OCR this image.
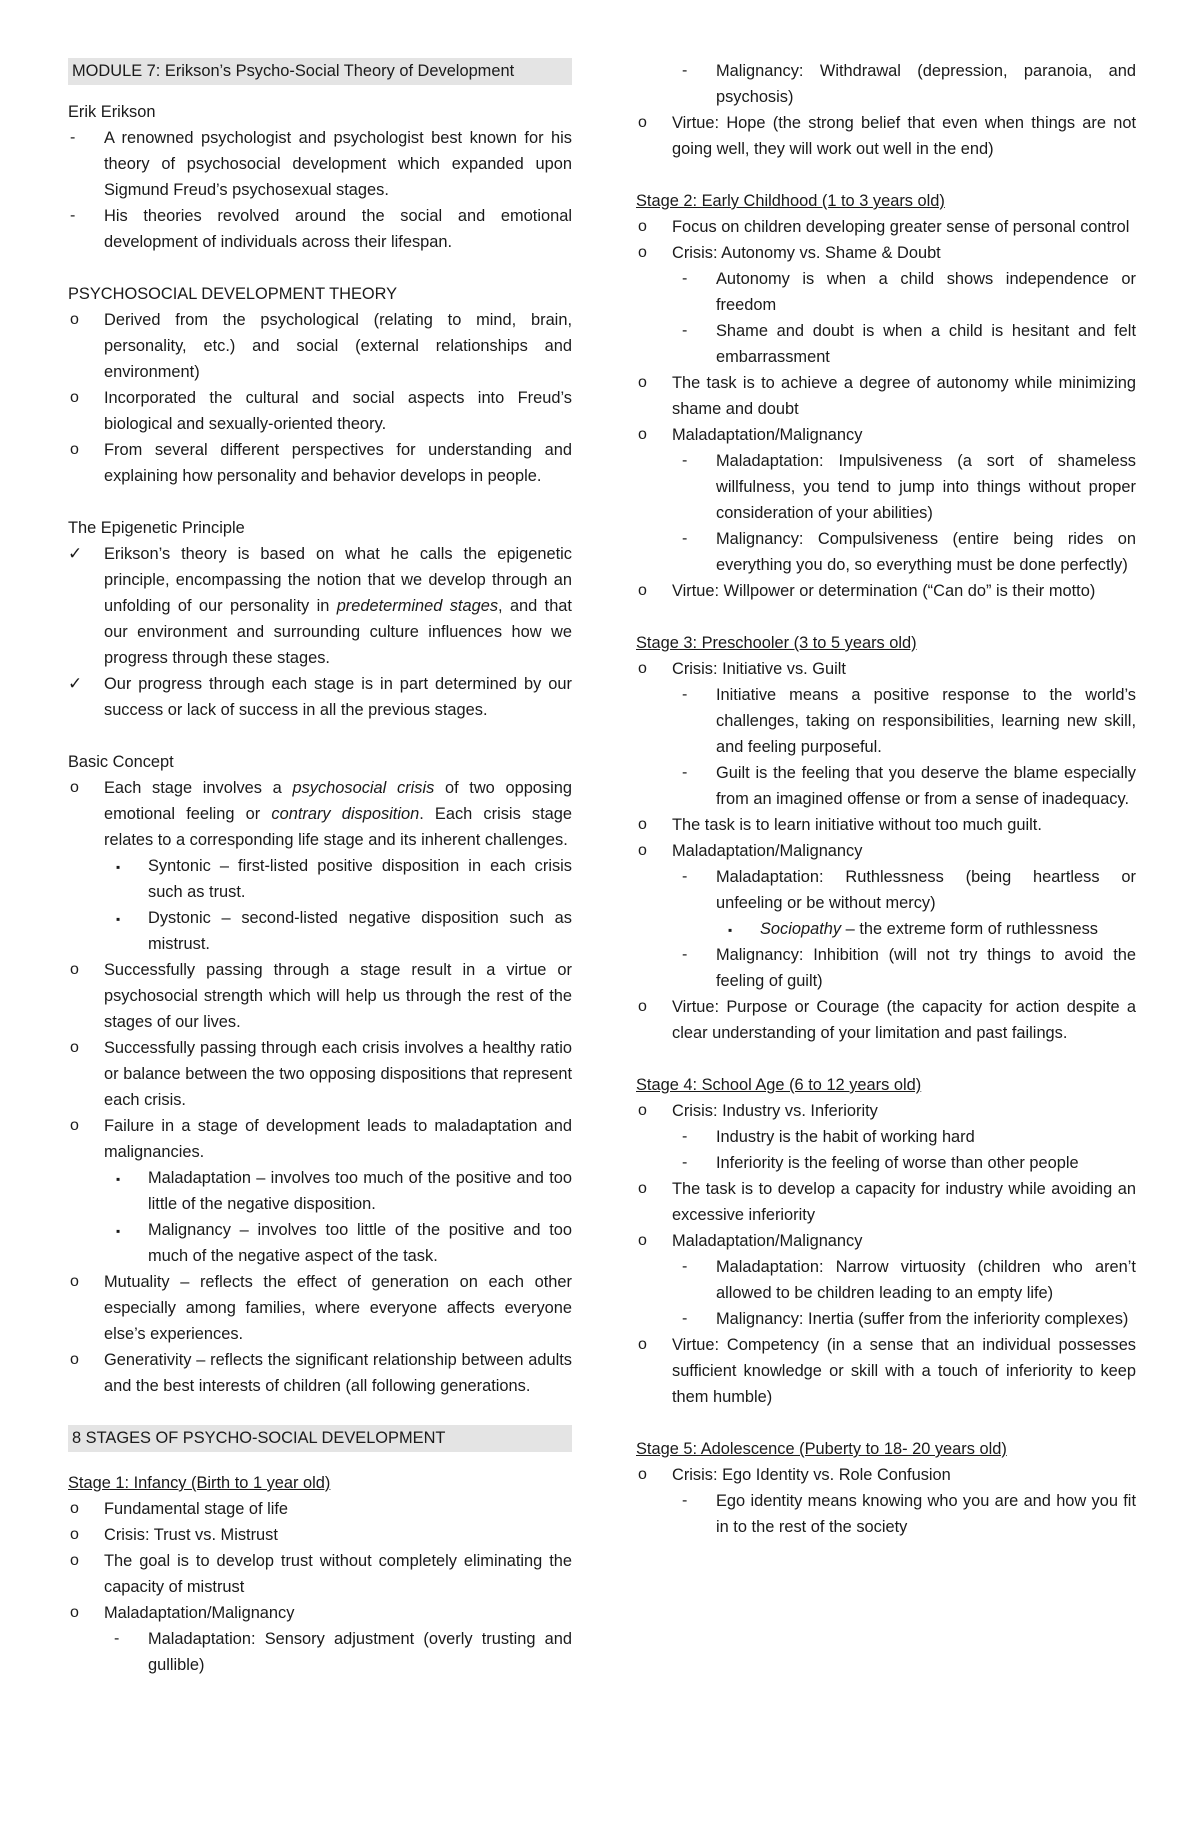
MODULE 7: Erikson’s Psycho-Social Theory of Development

Erik Erikson

- A renowned psychologist and psychologist best known for his theory of psychosocial development which expanded upon Sigmund Freud’s psychosexual stages.

- His theories revolved around the social and emotional development of individuals across their lifespan.

PSYCHOSOCIAL DEVELOPMENT THEORY

o Derived from the psychological (relating to mind, brain, personality, etc.) and social (external relationships and environment)

o Incorporated the cultural and social aspects into Freud’s biological and sexually-oriented theory.

o From several different perspectives for understanding and explaining how personality and behavior develops in people.

The Epigenetic Principle

✓ Erikson’s theory is based on what he calls the epigenetic principle, encompassing the notion that we develop through an unfolding of our personality in predetermined stages, and that our environment and surrounding culture influences how we progress through these stages.

✓ Our progress through each stage is in part determined by our success or lack of success in all the previous stages.

Basic Concept

o Each stage involves a psychosocial crisis of two opposing emotional feeling or contrary disposition. Each crisis stage relates to a corresponding life stage and its inherent challenges.

▪ Syntonic – first-listed positive disposition in each crisis such as trust.

▪ Dystonic – second-listed negative disposition such as mistrust.

o Successfully passing through a stage result in a virtue or psychosocial strength which will help us through the rest of the stages of our lives.

o Successfully passing through each crisis involves a healthy ratio or balance between the two opposing dispositions that represent each crisis.

o Failure in a stage of development leads to maladaptation and malignancies.

▪ Maladaptation – involves too much of the positive and too little of the negative disposition.

▪ Malignancy – involves too little of the positive and too much of the negative aspect of the task.

o Mutuality – reflects the effect of generation on each other especially among families, where everyone affects everyone else’s experiences.

o Generativity – reflects the significant relationship between adults and the best interests of children (all following generations.

8 STAGES OF PSYCHO-SOCIAL DEVELOPMENT

Stage 1: Infancy (Birth to 1 year old)

o Fundamental stage of life

o Crisis: Trust vs. Mistrust

o The goal is to develop trust without completely eliminating the capacity of mistrust

o Maladaptation/Malignancy

- Maladaptation: Sensory adjustment (overly trusting and gullible)

- Malignancy: Withdrawal (depression, paranoia, and psychosis)

o Virtue: Hope (the strong belief that even when things are not going well, they will work out well in the end)

Stage 2: Early Childhood (1 to 3 years old)

o Focus on children developing greater sense of personal control

o Crisis: Autonomy vs. Shame & Doubt

- Autonomy is when a child shows independence or freedom

- Shame and doubt is when a child is hesitant and felt embarrassment

o The task is to achieve a degree of autonomy while minimizing shame and doubt

o Maladaptation/Malignancy

- Maladaptation: Impulsiveness (a sort of shameless willfulness, you tend to jump into things without proper consideration of your abilities)

- Malignancy: Compulsiveness (entire being rides on everything you do, so everything must be done perfectly)

o Virtue: Willpower or determination (“Can do” is their motto)

Stage 3: Preschooler (3 to 5 years old)

o Crisis: Initiative vs. Guilt

- Initiative means a positive response to the world’s challenges, taking on responsibilities, learning new skill, and feeling purposeful.

- Guilt is the feeling that you deserve the blame especially from an imagined offense or from a sense of inadequacy.

o The task is to learn initiative without too much guilt.

o Maladaptation/Malignancy

- Maladaptation: Ruthlessness (being heartless or unfeeling or be without mercy)

▪ Sociopathy – the extreme form of ruthlessness

- Malignancy: Inhibition (will not try things to avoid the feeling of guilt)

o Virtue: Purpose or Courage (the capacity for action despite a clear understanding of your limitation and past failings.

Stage 4: School Age (6 to 12 years old)

o Crisis: Industry vs. Inferiority

- Industry is the habit of working hard

- Inferiority is the feeling of worse than other people

o The task is to develop a capacity for industry while avoiding an excessive inferiority

o Maladaptation/Malignancy

- Maladaptation: Narrow virtuosity (children who aren’t allowed to be children leading to an empty life)

- Malignancy: Inertia (suffer from the inferiority complexes)

o Virtue: Competency (in a sense that an individual possesses sufficient knowledge or skill with a touch of inferiority to keep them humble)

Stage 5: Adolescence (Puberty to 18- 20 years old)

o Crisis: Ego Identity vs. Role Confusion

- Ego identity means knowing who you are and how you fit in to the rest of the society
